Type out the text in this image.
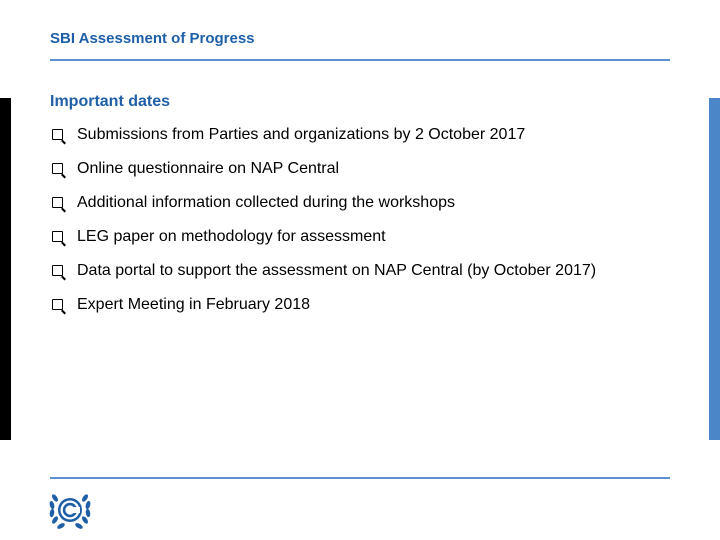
SBI Assessment of Progress
Important dates
Submissions from Parties and organizations by 2 October 2017
Online questionnaire on NAP Central
Additional information collected during the workshops
LEG paper on methodology for assessment
Data portal to support the assessment on NAP Central (by October 2017)
Expert Meeting in February 2018
